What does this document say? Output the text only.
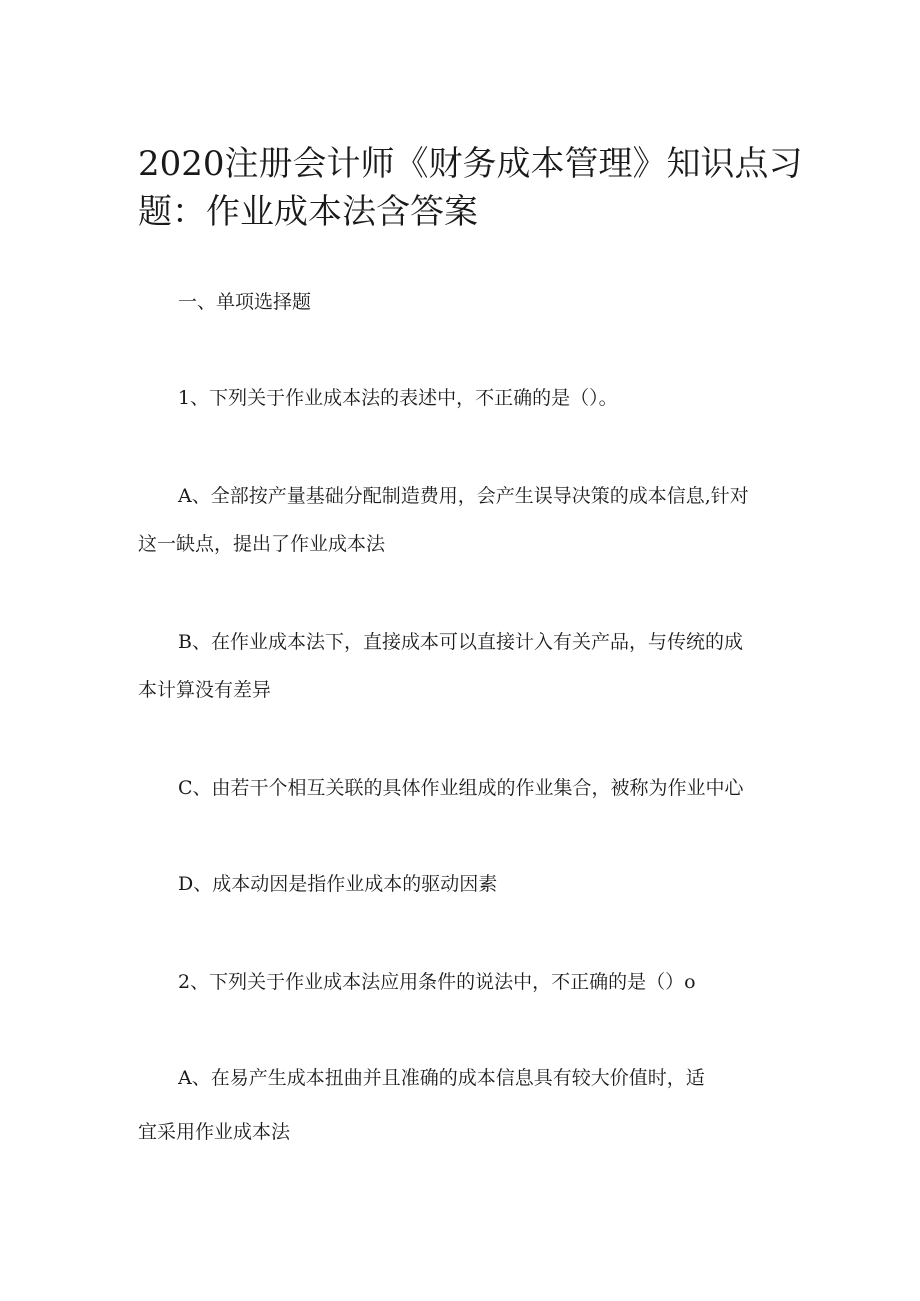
2020注册会计师《财务成本管理》知识点习
题：作业成本法含答案

一、单项选择题

1、下列关于作业成本法的表述中，不正确的是（）。

A、全部按产量基础分配制造费用，会产生误导决策的成本信息,针对

这一缺点，提出了作业成本法

B、在作业成本法下，直接成本可以直接计入有关产品，与传统的成

本计算没有差异

C、由若干个相互关联的具体作业组成的作业集合，被称为作业中心

D、成本动因是指作业成本的驱动因素

2、下列关于作业成本法应用条件的说法中，不正确的是（）o

A、在易产生成本扭曲并且准确的成本信息具有较大价值时，适

宜采用作业成本法
